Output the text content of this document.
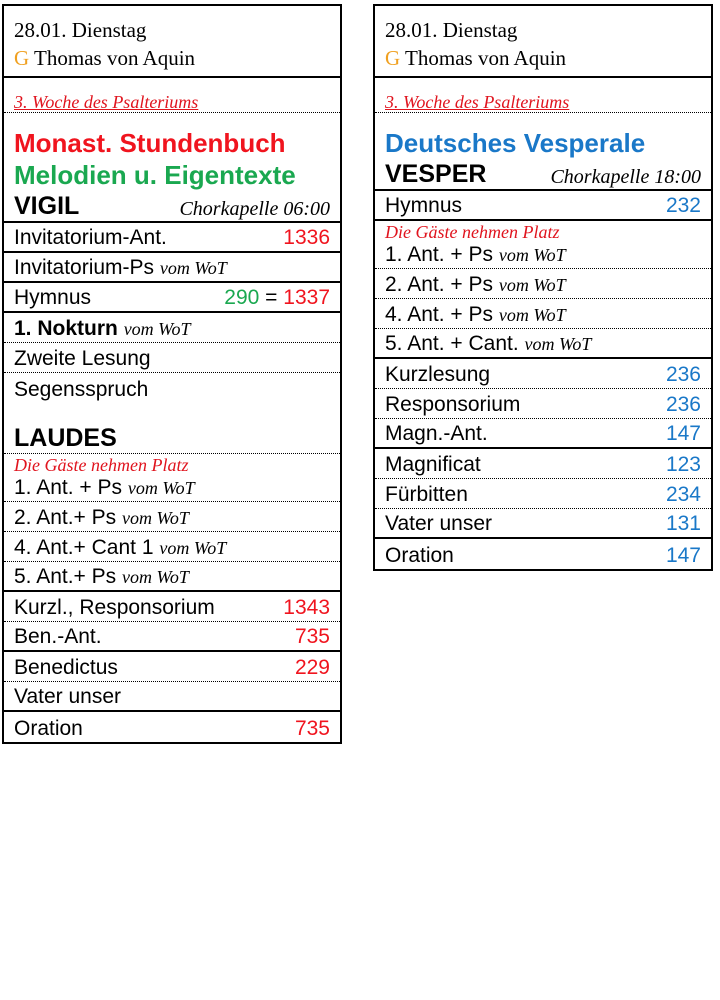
28.01. Dienstag
G Thomas von Aquin
3. Woche des Psalteriums
Monast. Stundenbuch
Melodien u. Eigentexte
VIGIL	Chorkapelle 06:00
Invitatorium-Ant.	1336
Invitatorium-Ps vom WoT
Hymnus	290 = 1337
1. Nokturn vom WoT
Zweite Lesung
Segensspruch
LAUDES
Die Gäste nehmen Platz
1. Ant. + Ps vom WoT
2. Ant.+ Ps vom WoT
4. Ant.+ Cant 1 vom WoT
5. Ant.+ Ps vom WoT
Kurzl., Responsorium	1343
Ben.-Ant.	735
Benedictus	229
Vater unser
Oration	735
28.01. Dienstag
G Thomas von Aquin
3. Woche des Psalteriums
Deutsches Vesperale
VESPER	Chorkapelle 18:00
Hymnus	232
Die Gäste nehmen Platz
1. Ant. + Ps vom WoT
2. Ant. + Ps vom WoT
4. Ant. + Ps vom WoT
5. Ant. + Cant. vom WoT
Kurzlesung	236
Responsorium	236
Magn.-Ant.	147
Magnificat	123
Fürbitten	234
Vater unser	131
Oration	147
